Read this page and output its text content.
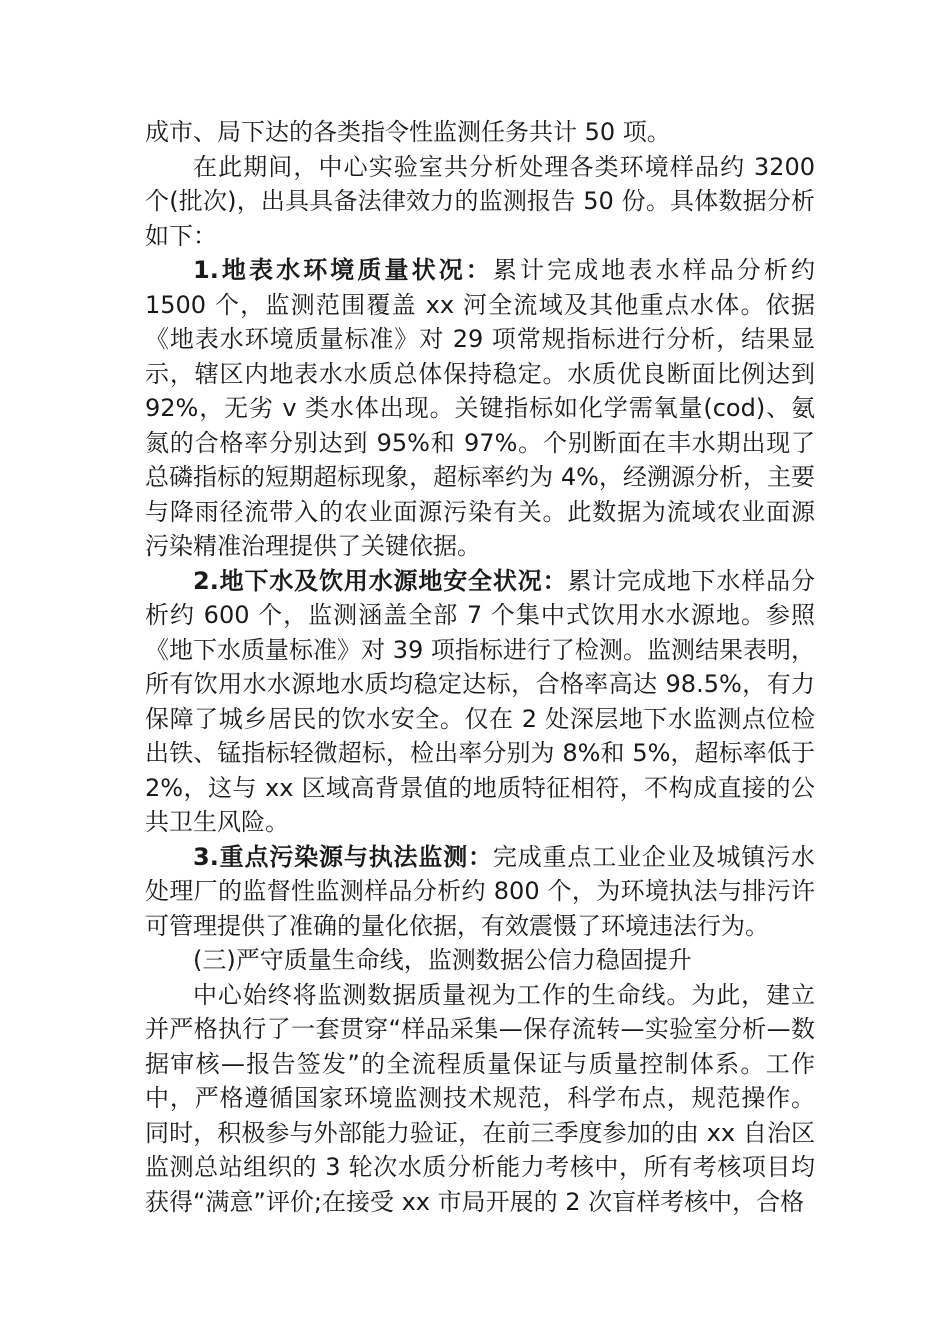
成市、局下达的各类指令性监测任务共计 50 项。

在此期间，中心实验室共分析处理各类环境样品约 3200 个(批次)，出具具备法律效力的监测报告 50 份。具体数据分析如下：

1.地表水环境质量状况：累计完成地表水样品分析约 1500 个，监测范围覆盖 xx 河全流域及其他重点水体。依据《地表水环境质量标准》对 29 项常规指标进行分析，结果显示，辖区内地表水水质总体保持稳定。水质优良断面比例达到 92%，无劣 v 类水体出现。关键指标如化学需氧量(cod)、氨氮的合格率分别达到 95%和 97%。个别断面在丰水期出现了总磷指标的短期超标现象，超标率约为 4%，经溯源分析，主要与降雨径流带入的农业面源污染有关。此数据为流域农业面源污染精准治理提供了关键依据。

2.地下水及饮用水源地安全状况：累计完成地下水样品分析约 600 个，监测涵盖全部 7 个集中式饮用水水源地。参照《地下水质量标准》对 39 项指标进行了检测。监测结果表明，所有饮用水水源地水质均稳定达标，合格率高达 98.5%，有力保障了城乡居民的饮水安全。仅在 2 处深层地下水监测点位检出铁、锰指标轻微超标，检出率分别为 8%和 5%，超标率低于 2%，这与 xx 区域高背景值的地质特征相符，不构成直接的公共卫生风险。

3.重点污染源与执法监测：完成重点工业企业及城镇污水处理厂的监督性监测样品分析约 800 个，为环境执法与排污许可管理提供了准确的量化依据，有效震慑了环境违法行为。

(三)严守质量生命线，监测数据公信力稳固提升

中心始终将监测数据质量视为工作的生命线。为此，建立并严格执行了一套贯穿“样品采集—保存流转—实验室分析—数据审核—报告签发”的全流程质量保证与质量控制体系。工作中，严格遵循国家环境监测技术规范，科学布点，规范操作。同时，积极参与外部能力验证，在前三季度参加的由 xx 自治区监测总站组织的 3 轮次水质分析能力考核中，所有考核项目均获得“满意”评价;在接受 xx 市局开展的 2 次盲样考核中，合格
